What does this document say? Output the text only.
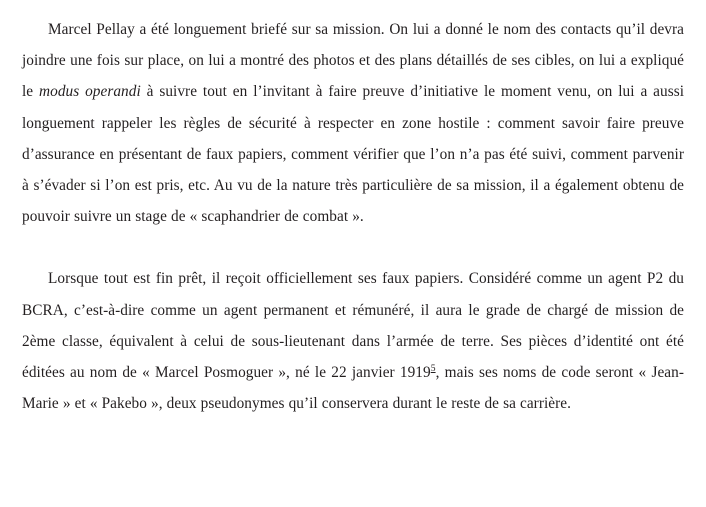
Marcel Pellay a été longuement briefé sur sa mission. On lui a donné le nom des contacts qu’il devra joindre une fois sur place, on lui a montré des photos et des plans détaillés de ses cibles, on lui a expliqué le modus operandi à suivre tout en l’invitant à faire preuve d’initiative le moment venu, on lui a aussi longuement rappeler les règles de sécurité à respecter en zone hostile : comment savoir faire preuve d’assurance en présentant de faux papiers, comment vérifier que l’on n’a pas été suivi, comment parvenir à s’évader si l’on est pris, etc. Au vu de la nature très particulière de sa mission, il a également obtenu de pouvoir suivre un stage de « scaphandrier de combat ».

Lorsque tout est fin prêt, il reçoit officiellement ses faux papiers. Considéré comme un agent P2 du BCRA, c’est-à-dire comme un agent permanent et rémunéré, il aura le grade de chargé de mission de 2ème classe, équivalent à celui de sous-lieutenant dans l’armée de terre. Ses pièces d’identité ont été éditées au nom de « Marcel Posmoguer », né le 22 janvier 1919$^5$, mais ses noms de code seront « Jean-Marie » et « Pakebo », deux pseudonymes qu’il conservera durant le reste de sa carrière.
